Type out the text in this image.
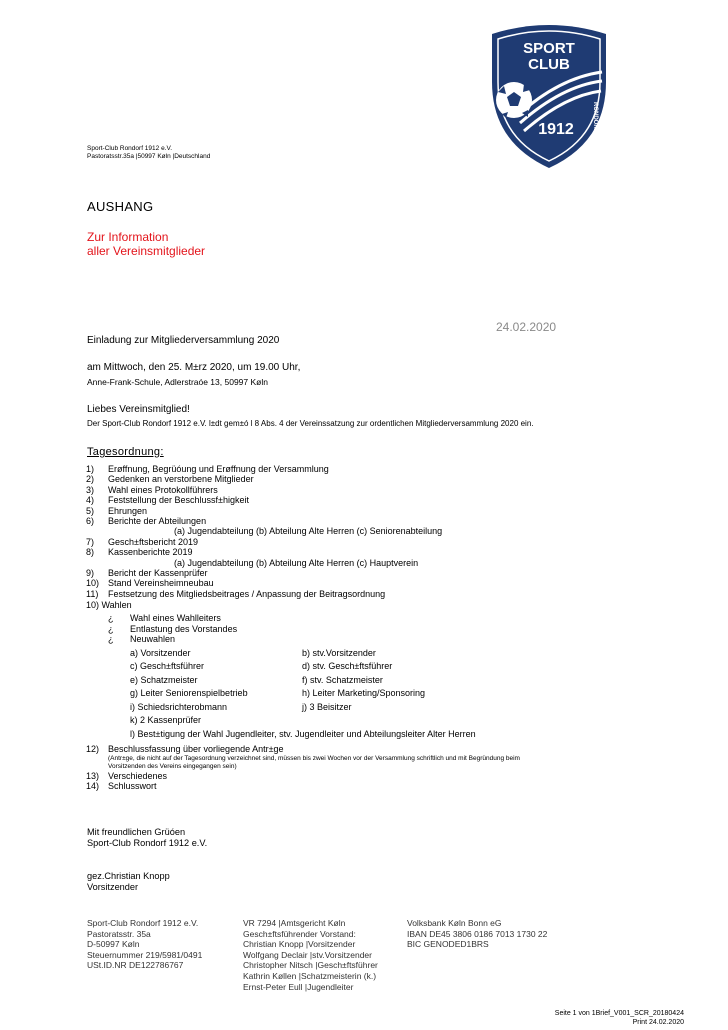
SPORT
CLUB
RONDORF
1912
Sport-Club Rondorf 1912 e.V.
Pastoratsstr.35a |50997 Køln |Deutschland
AUSHANG
Zur Information
aller Vereinsmitglieder
24.02.2020
Einladung zur Mitgliederversammlung 2020
am Mittwoch, den 25. M±rz 2020, um 19.00 Uhr,
Anne-Frank-Schule, Adlerstraóe 13, 50997 Køln
Liebes Vereinsmitglied!
Der Sport-Club Rondorf 1912 e.V. l±dt gem±ó l 8 Abs. 4 der Vereinssatzung zur ordentlichen Mitgliederversammlung 2020 ein.
Tagesordnung:
1) Erøffnung, Begrüóung und Erøffnung der Versammlung
2) Gedenken an verstorbene Mitglieder
3) Wahl eines Protokollführers
4) Feststellung der Beschlussf±higkeit
5) Ehrungen
6) Berichte der Abteilungen
(a) Jugendabteilung (b) Abteilung Alte Herren (c) Seniorenabteilung
7) Gesch±ftsbericht 2019
8) Kassenberichte 2019
(a) Jugendabteilung (b) Abteilung Alte Herren (c) Hauptverein
9) Bericht der Kassenprüfer
10) Stand Vereinsheimneubau
11) Festsetzung des Mitgliedsbeitrages / Anpassung der Beitragsordnung
10) Wahlen
¿ Wahl eines Wahlleiters
¿ Entlastung des Vorstandes
¿ Neuwahlen
a) Vorsitzender	b) stv.Vorsitzender
c) Gesch±ftsführer	d) stv. Gesch±ftsführer
e) Schatzmeister	f) stv. Schatzmeister
g) Leiter Seniorenspielbetrieb	h) Leiter Marketing/Sponsoring
i) Schiedsrichterobmann	j) 3 Beisitzer
k) 2 Kassenprüfer
l) Best±tigung der Wahl Jugendleiter, stv. Jugendleiter und Abteilungsleiter Alter Herren
12) Beschlussfassung über vorliegende Antr±ge
(Antr±ge, die nicht auf der Tagesordnung verzeichnet sind, müssen bis zwei Wochen vor der Versammlung schriftlich und mit Begründung beim
Vorsitzenden des Vereins eingegangen sein)
13) Verschiedenes
14) Schlusswort
Mit freundlichen Grüóen
Sport-Club Rondorf 1912 e.V.
gez.Christian Knopp
Vorsitzender
Sport-Club Rondorf 1912 e.V.
Pastoratsstr. 35a
D-50997 Køln
Steuernummer 219/5981/0491
USt.ID.NR DE122786767
VR 7294 |Amtsgericht Køln
Gesch±ftsführender Vorstand:
Christian Knopp |Vorsitzender
Wolfgang Declair |stv.Vorsitzender
Christopher Nitsch |Gesch±ftsführer
Kathrin Køllen |Schatzmeisterin (k.)
Ernst-Peter Eull |Jugendleiter
Volksbank Køln Bonn eG
IBAN DE45 3806 0186 7013 1730 22
BIC GENODED1BRS
Seite 1 von 1Brief_V001_SCR_20180424
Print 24.02.2020
